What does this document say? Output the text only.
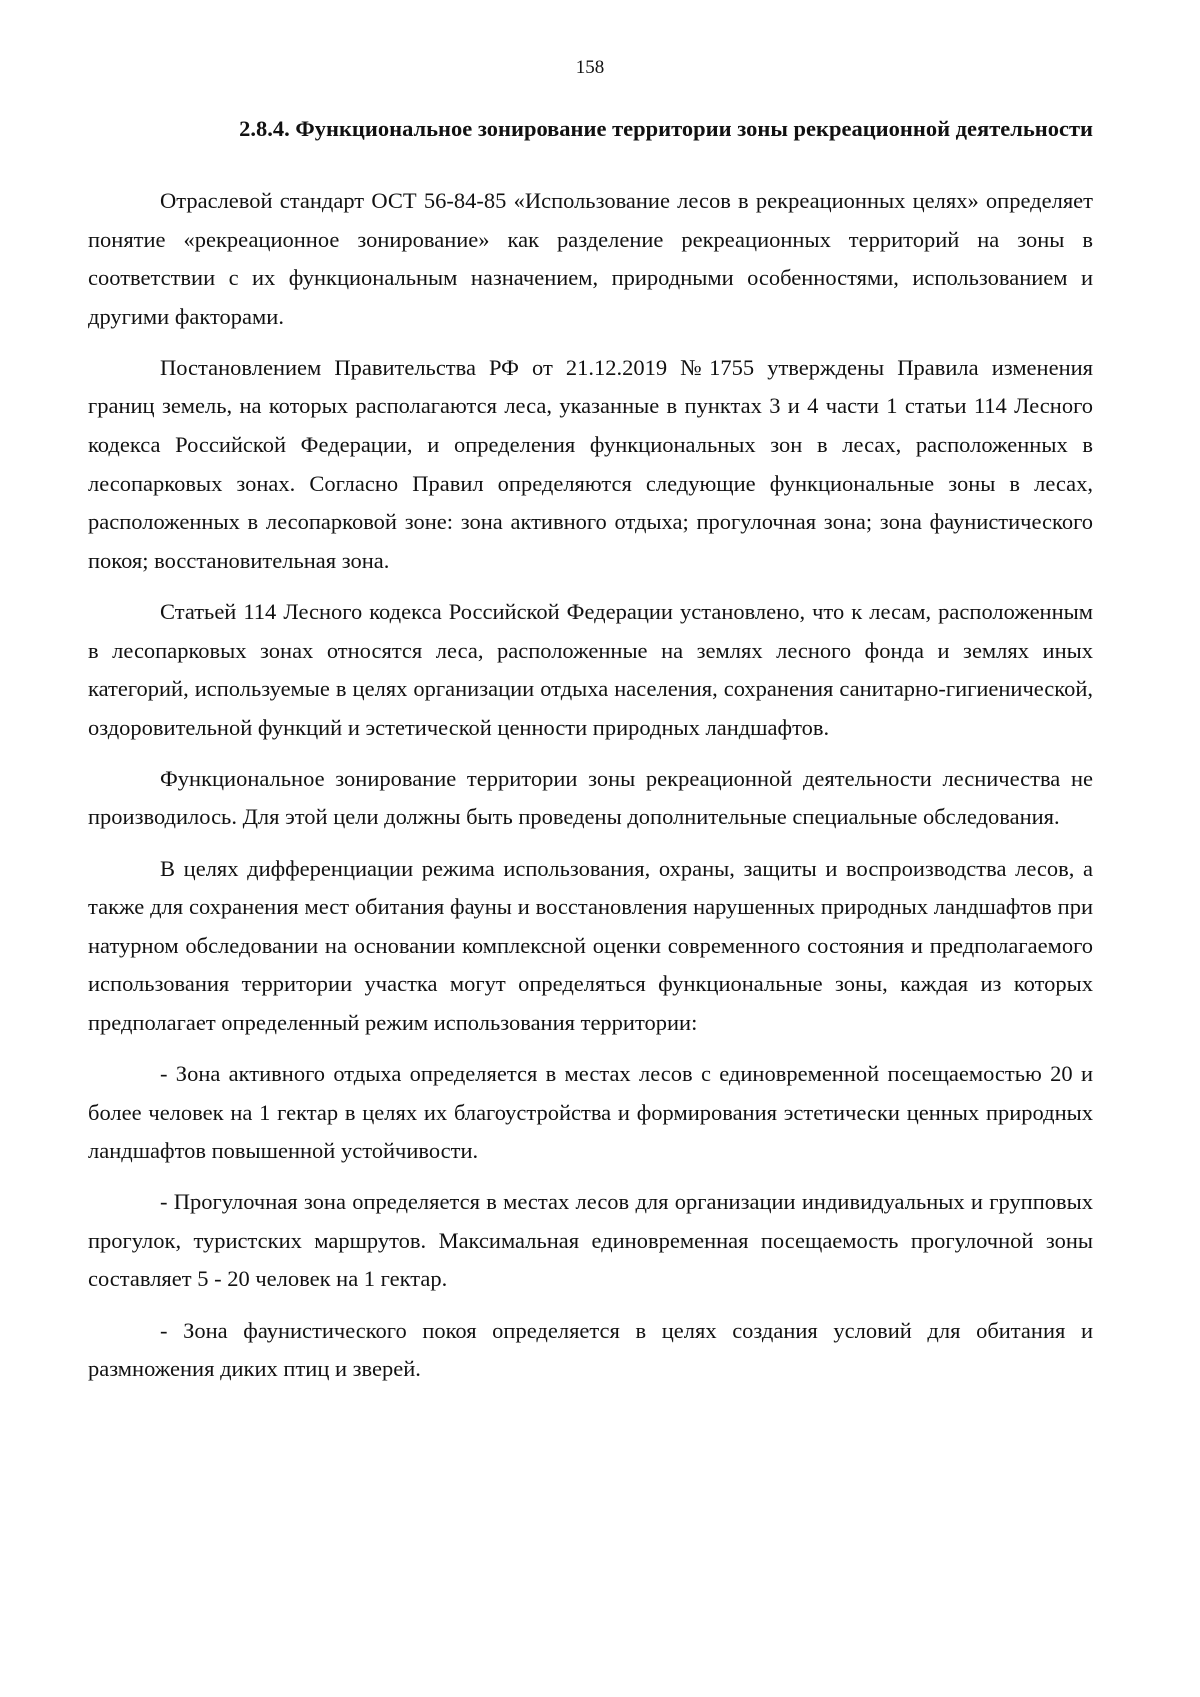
158
2.8.4. Функциональное зонирование территории зоны рекреационной деятельности

Отраслевой стандарт ОСТ 56-84-85 «Использование лесов в рекреационных целях» определяет понятие «рекреационное зонирование» как разделение рекреационных территорий на зоны в соответствии с их функциональным назначением, природными особенностями, использованием и другими факторами.

Постановлением Правительства РФ от 21.12.2019 №1755 утверждены Правила изменения границ земель, на которых располагаются леса, указанные в пунктах 3 и 4 части 1 статьи 114 Лесного кодекса Российской Федерации, и определения функциональных зон в лесах, расположенных в лесопарковых зонах. Согласно Правил определяются следующие функциональные зоны в лесах, расположенных в лесопарковой зоне: зона активного отдыха; прогулочная зона; зона фаунистического покоя; восстановительная зона.

Статьей 114 Лесного кодекса Российской Федерации установлено, что к лесам, расположенным в лесопарковых зонах относятся леса, расположенные на землях лесного фонда и землях иных категорий, используемые в целях организации отдыха населения, сохранения санитарно-гигиенической, оздоровительной функций и эстетической ценности природных ландшафтов.

Функциональное зонирование территории зоны рекреационной деятельности лесничества не производилось. Для этой цели должны быть проведены дополнительные специальные обследования.

В целях дифференциации режима использования, охраны, защиты и воспроизводства лесов, а также для сохранения мест обитания фауны и восстановления нарушенных природных ландшафтов при натурном обследовании на основании комплексной оценки современного состояния и предполагаемого использования территории участка могут определяться функциональные зоны, каждая из которых предполагает определенный режим использования территории:

- Зона активного отдыха определяется в местах лесов с единовременной посещаемостью 20 и более человек на 1 гектар в целях их благоустройства и формирования эстетически ценных природных ландшафтов повышенной устойчивости.

- Прогулочная зона определяется в местах лесов для организации индивидуальных и групповых прогулок, туристских маршрутов. Максимальная единовременная посещаемость прогулочной зоны составляет 5 - 20 человек на 1 гектар.

- Зона фаунистического покоя определяется в целях создания условий для обитания и размножения диких птиц и зверей.
